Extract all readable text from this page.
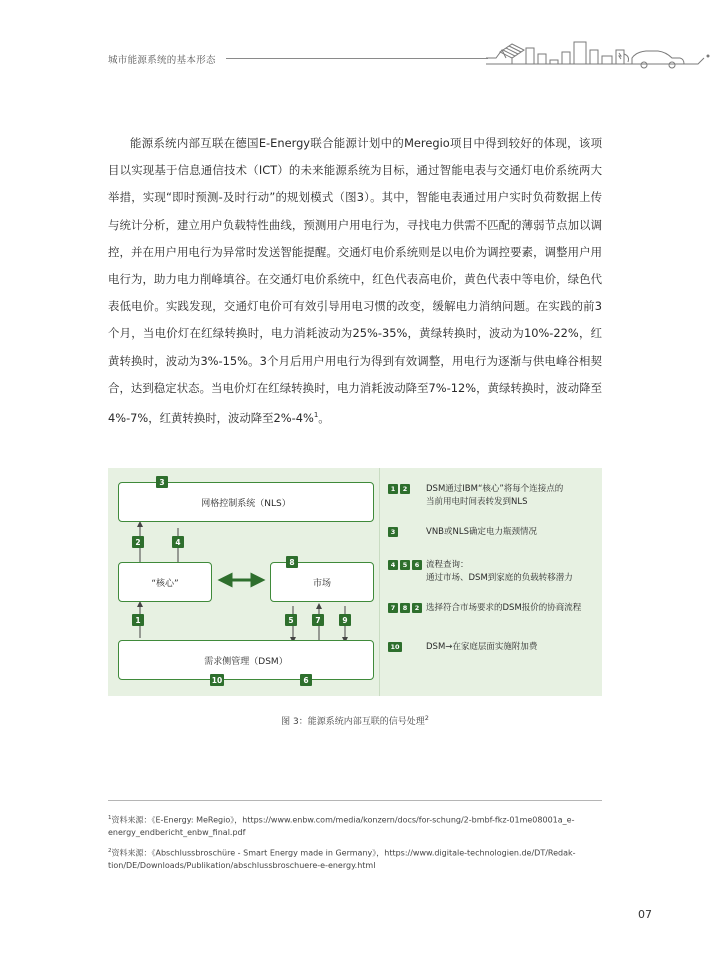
城市能源系统的基本形态

能源系统内部互联在德国E-Energy联合能源计划中的Meregio项目中得到较好的体现，该项目以实现基于信息通信技术（ICT）的未来能源系统为目标，通过智能电表与交通灯电价系统两大举措，实现“即时预测-及时行动”的规划模式（图3）。其中，智能电表通过用户实时负荷数据上传与统计分析，建立用户负载特性曲线，预测用户用电行为，寻找电力供需不匹配的薄弱节点加以调控，并在用户用电行为异常时发送智能提醒。交通灯电价系统则是以电价为调控要素，调整用户用电行为，助力电力削峰填谷。在交通灯电价系统中，红色代表高电价，黄色代表中等电价，绿色代表低电价。实践发现，交通灯电价可有效引导用电习惯的改变，缓解电力消纳问题。在实践的前3个月，当电价灯在红绿转换时，电力消耗波动为25%-35%，黄绿转换时，波动为10%-22%，红黄转换时，波动为3%-15%。3个月后用户用电行为得到有效调整，用电行为逐渐与供电峰谷相契合，达到稳定状态。当电价灯在红绿转换时，电力消耗波动降至7%-12%，黄绿转换时，波动降至4%-7%，红黄转换时，波动降至2%-4%$^1$。

网格控制系统（NLS）
3
“核心”	市场
8
需求侧管理（DSM）
2	4
1	5	7	9
10	6
1	2	DSM通过IBM“核心”将每个连接点的
当前用电时间表转发到NLS
3	VNB或NLS确定电力瓶颈情况
4	5	6 流程查询：
通过市场、DSM到家庭的负载转移潜力
7	8	2 选择符合市场要求的DSM报价的协商流程
10	DSM→在家庭层面实施附加费
图 3：能源系统内部互联的信号处理$^2$

$^1$资料来源：《E-Energy: MeRegio》，https://www.enbw.com/media/konzern/docs/for-schung/2-bmbf-fkz-01me08001a_e-energy_endbericht_enbw_final.pdf

$^2$资料来源：《Abschlussbroschüre - Smart Energy made in Germany》，https://www.digitale-technologien.de/DT/Redak-tion/DE/Downloads/Publikation/abschlussbroschuere-e-energy.html

07
